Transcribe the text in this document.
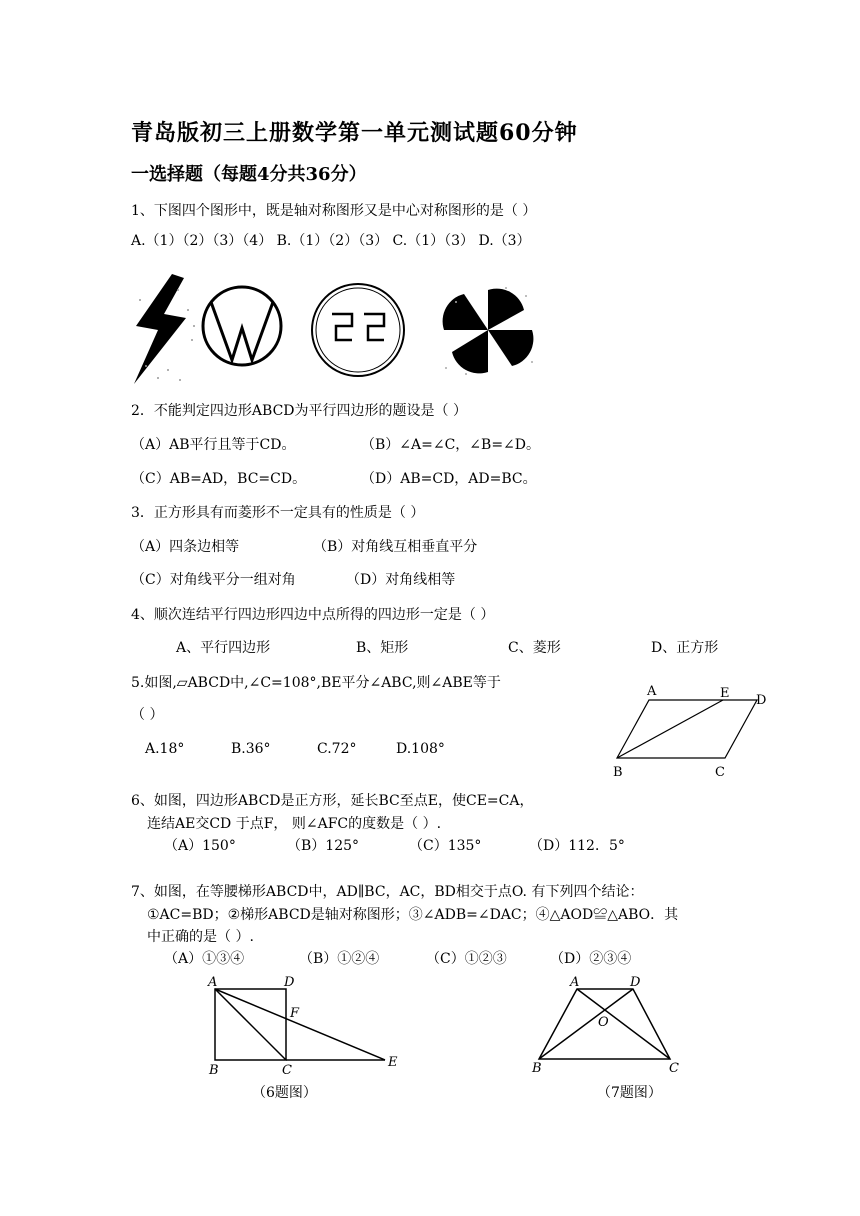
青岛版初三上册数学第一单元测试题60分钟
一选择题（每题4分共36分）
1、下图四个图形中，既是轴对称图形又是中心对称图形的是（ ）
A.（1）（2）（3）（4） B.（1）（2）（3） C.（1）（3） D.（3）
2．不能判定四边形ABCD为平行四边形的题设是（ ）
（A）AB平行且等于CD。	（B）∠A=∠C，∠B=∠D。
（C）AB=AD，BC=CD。	（D）AB=CD，AD=BC。
3．正方形具有而菱形不一定具有的性质是（ ）
（A）四条边相等	（B）对角线互相垂直平分
（C）对角线平分一组对角	（D）对角线相等
4、顺次连结平行四边形四边中点所得的四边形一定是（ ）
A、平行四边形	B、矩形	C、菱形	D、正方形
5.如图,▱ABCD中,∠C=108°,BE平分∠ABC,则∠ABE等于
（ ）
A.18°	B.36°	C.72°	D.108°
A	E D
B	C
6、如图，四边形ABCD是正方形，延长BC至点E，使CE=CA，
连结AE交CD 于点F， 则∠AFC的度数是（ ）.
（A）150°	（B）125°	（C）135°	（D）112．5°
7、如图，在等腰梯形ABCD中，AD∥BC，AC，BD相交于点O. 有下列四个结论：
①AC=BD；②梯形ABCD是轴对称图形；③∠ADB=∠DAC；④△AOD≌△ABO．其
中正确的是（ ）.
（A）①③④	（B）①②④	（C）①②③	（D）②③④
A	D
F
B	C
E
（6题图）
A	D
O
B	C
（7题图）
